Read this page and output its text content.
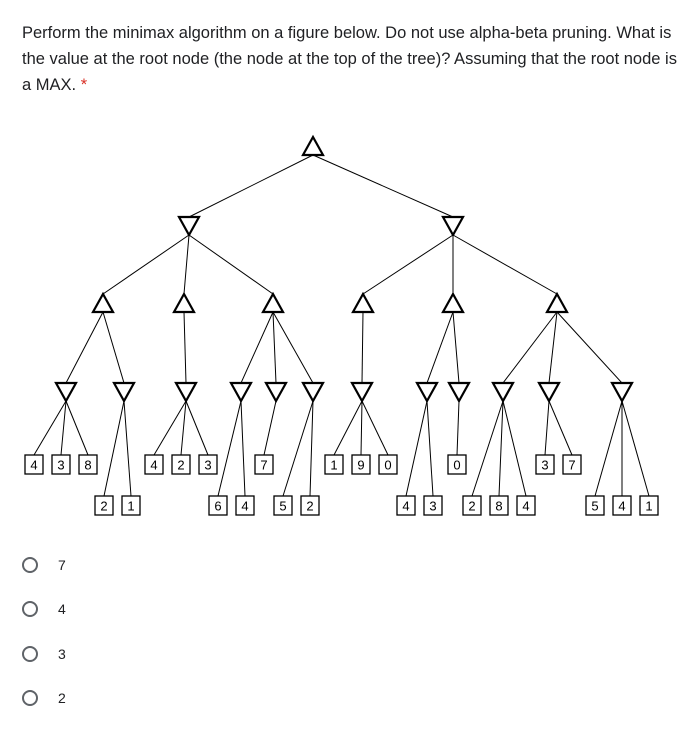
Perform the minimax algorithm on a figure below. Do not use alpha-beta pruning. What is the value at the root node (the node at the top of the tree)? Assuming that the root node is a MAX. *
4 3 8
2 1
4 2 3
6 4
7
5 2
1 9 0
4 3
0
2 8 4
3 7
5 4 1
7
4
3
2
